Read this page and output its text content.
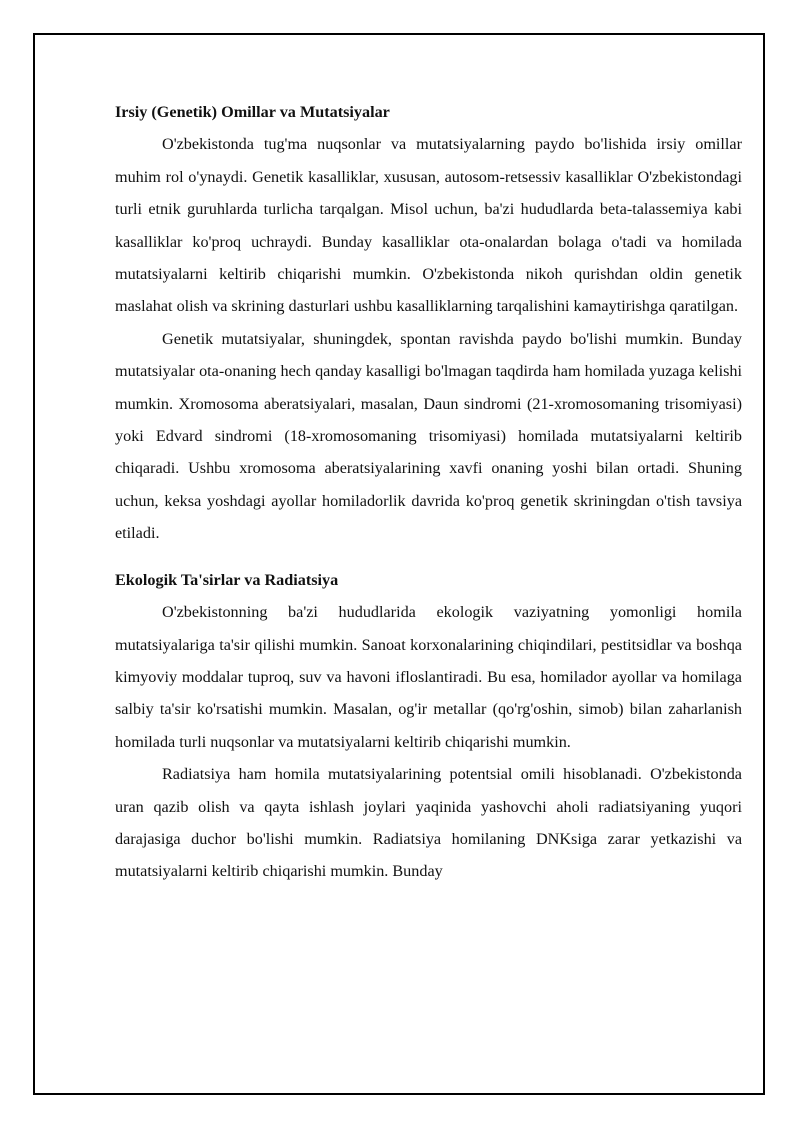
Irsiy (Genetik) Omillar va Mutatsiyalar

O'zbekistonda tug'ma nuqsonlar va mutatsiyalarning paydo bo'lishida irsiy omillar muhim rol o'ynaydi. Genetik kasalliklar, xususan, autosom-retsessiv kasalliklar O'zbekistondagi turli etnik guruhlarda turlicha tarqalgan. Misol uchun, ba'zi hududlarda beta-talassemiya kabi kasalliklar ko'proq uchraydi. Bunday kasalliklar ota-onalardan bolaga o'tadi va homilada mutatsiyalarni keltirib chiqarishi mumkin. O'zbekistonda nikoh qurishdan oldin genetik maslahat olish va skrining dasturlari ushbu kasalliklarning tarqalishini kamaytirishga qaratilgan.

Genetik mutatsiyalar, shuningdek, spontan ravishda paydo bo'lishi mumkin. Bunday mutatsiyalar ota-onaning hech qanday kasalligi bo'lmagan taqdirda ham homilada yuzaga kelishi mumkin. Xromosoma aberatsiyalari, masalan, Daun sindromi (21-xromosomaning trisomiyasi) yoki Edvard sindromi (18-xromosomaning trisomiyasi) homilada mutatsiyalarni keltirib chiqaradi. Ushbu xromosoma aberatsiyalarining xavfi onaning yoshi bilan ortadi. Shuning uchun, keksa yoshdagi ayollar homiladorlik davrida ko'proq genetik skriningdan o'tish tavsiya etiladi.

Ekologik Ta'sirlar va Radiatsiya

O'zbekistonning ba'zi hududlarida ekologik vaziyatning yomonligi homila mutatsiyalariga ta'sir qilishi mumkin. Sanoat korxonalarining chiqindilari, pestitsidlar va boshqa kimyoviy moddalar tuproq, suv va havoni ifloslantiradi. Bu esa, homilador ayollar va homilaga salbiy ta'sir ko'rsatishi mumkin. Masalan, og'ir metallar (qo'rg'oshin, simob) bilan zaharlanish homilada turli nuqsonlar va mutatsiyalarni keltirib chiqarishi mumkin.

Radiatsiya ham homila mutatsiyalarining potentsial omili hisoblanadi. O'zbekistonda uran qazib olish va qayta ishlash joylari yaqinida yashovchi aholi radiatsiyaning yuqori darajasiga duchor bo'lishi mumkin. Radiatsiya homilaning DNKsiga zarar yetkazishi va mutatsiyalarni keltirib chiqarishi mumkin. Bunday
